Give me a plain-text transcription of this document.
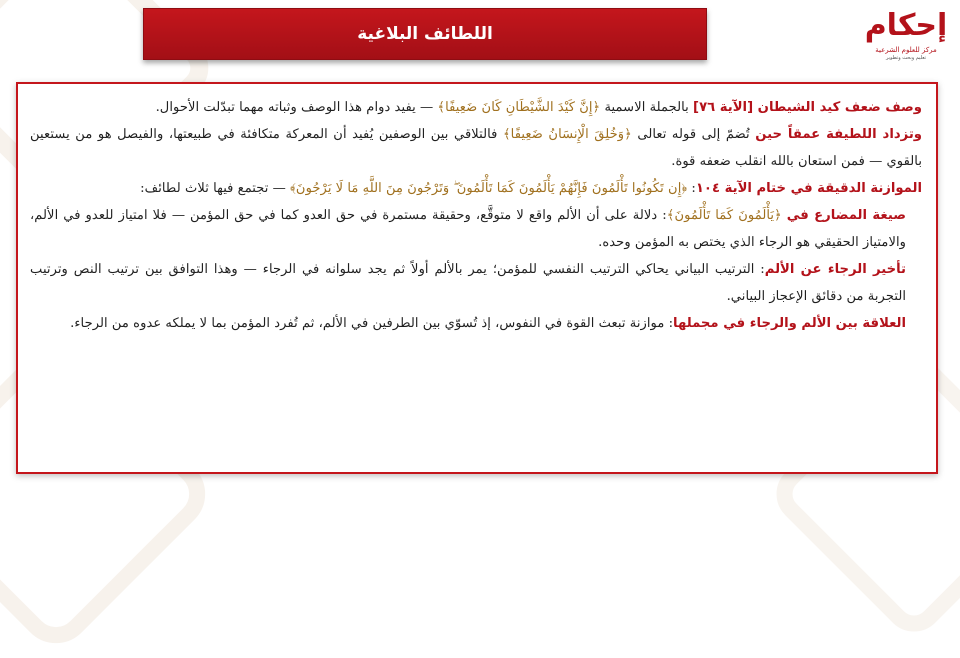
اللطائف البلاغية	إحكام
مركز للعلوم الشرعية
تعليم وبحث وتطوير

وصف ضعف كيد الشيطان [الآية ٧٦] بالجملة الاسمية ﴿إِنَّ كَيْدَ الشَّيْطَانِ كَانَ ضَعِيفًا﴾ — يفيد دوام هذا الوصف وثباته مهما تبدّلت الأحوال.

وتزداد اللطيفة عمقاً حين تُضمّ إلى قوله تعالى ﴿وَخُلِقَ الْإِنسَانُ ضَعِيفًا﴾ فالتلاقي بين الوصفين يُفيد أن المعركة متكافئة في طبيعتها، والفيصل هو من يستعين بالقوي — فمن استعان بالله انقلب ضعفه قوة.

الموازنة الدقيقة في ختام الآية ١٠٤: ﴿إِن تَكُونُوا تَأْلَمُونَ فَإِنَّهُمْ يَأْلَمُونَ كَمَا تَأْلَمُونَ ۖ وَتَرْجُونَ مِنَ اللَّهِ مَا لَا يَرْجُونَ﴾ — تجتمع فيها ثلاث لطائف:

صيغة المضارع في ﴿يَأْلَمُونَ كَمَا تَأْلَمُونَ﴾: دلالة على أن الألم واقع لا متوقَّع، وحقيقة مستمرة في حق العدو كما في حق المؤمن — فلا امتياز للعدو في الألم، والامتياز الحقيقي هو الرجاء الذي يختص به المؤمن وحده.

تأخير الرجاء عن الألم: الترتيب البياني يحاكي الترتيب النفسي للمؤمن؛ يمر بالألم أولاً ثم يجد سلوانه في الرجاء — وهذا التوافق بين ترتيب النص وترتيب التجربة من دقائق الإعجاز البياني.

العلاقة بين الألم والرجاء في مجملها: موازنة تبعث القوة في النفوس، إذ تُسوّي بين الطرفين في الألم، ثم تُفرد المؤمن بما لا يملكه عدوه من الرجاء.
